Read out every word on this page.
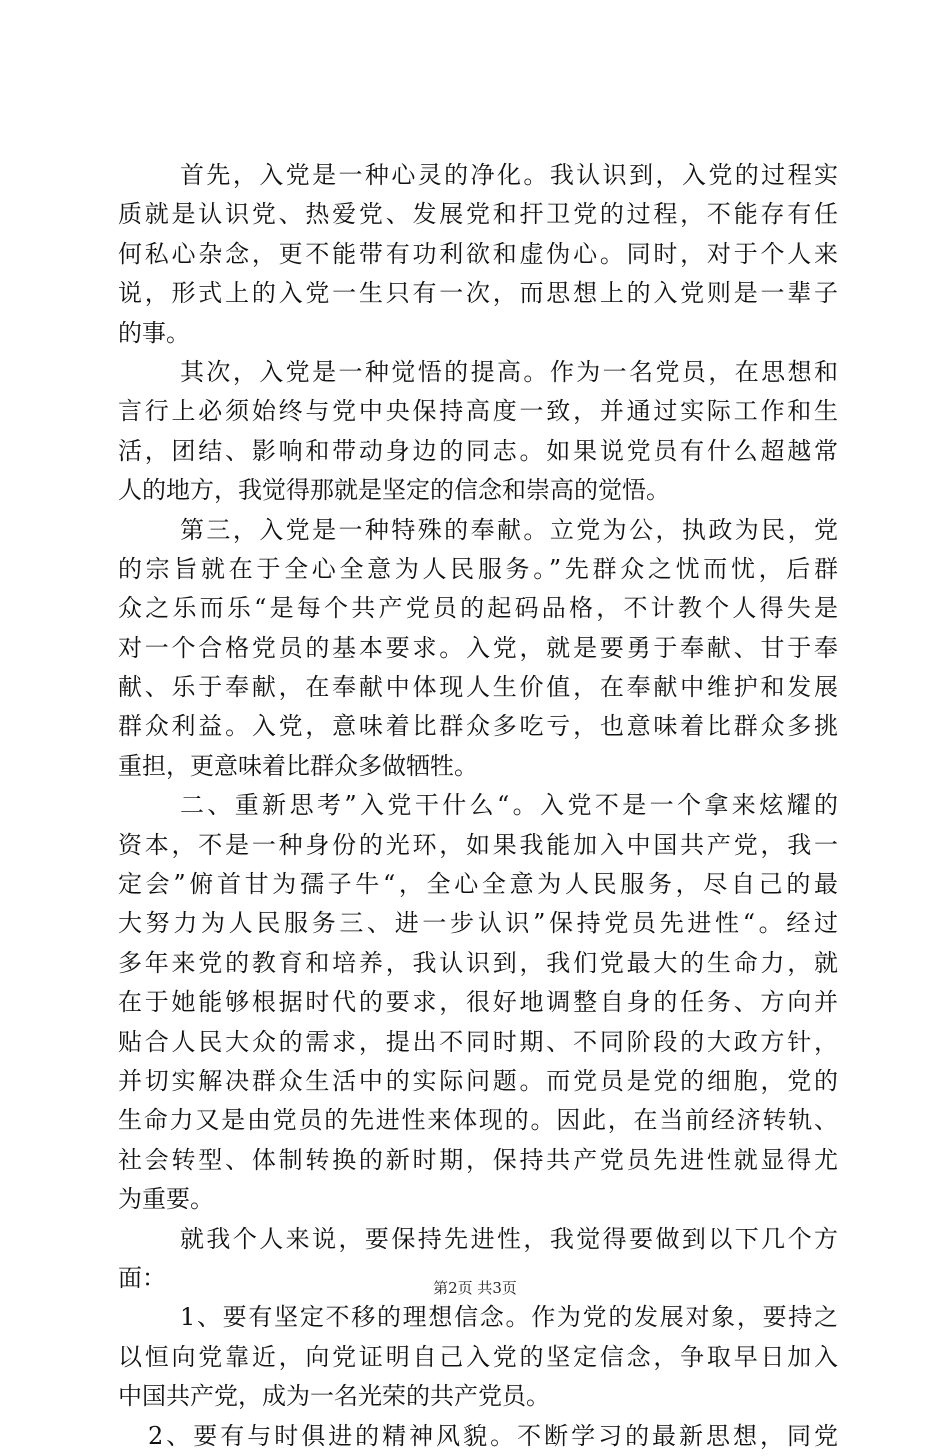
首先，入党是一种心灵的净化。我认识到，入党的过程实
质就是认识党、热爱党、发展党和扞卫党的过程，不能存有任
何私心杂念，更不能带有功利欲和虚伪心。同时，对于个人来
说，形式上的入党一生只有一次，而思想上的入党则是一辈子
的事。
其次，入党是一种觉悟的提高。作为一名党员，在思想和
言行上必须始终与党中央保持高度一致，并通过实际工作和生
活，团结、影响和带动身边的同志。如果说党员有什么超越常
人的地方，我觉得那就是坚定的信念和崇高的觉悟。
第三，入党是一种特殊的奉献。立党为公，执政为民，党
的宗旨就在于全心全意为人民服务。”先群众之忧而忧，后群
众之乐而乐“是每个共产党员的起码品格，不计教个人得失是
对一个合格党员的基本要求。入党，就是要勇于奉献、甘于奉
献、乐于奉献，在奉献中体现人生价值，在奉献中维护和发展
群众利益。入党，意味着比群众多吃亏，也意味着比群众多挑
重担，更意味着比群众多做牺牲。
二、重新思考”入党干什么“。入党不是一个拿来炫耀的
资本，不是一种身份的光环，如果我能加入中国共产党，我一
定会”俯首甘为孺子牛“，全心全意为人民服务，尽自己的最
大努力为人民服务三、进一步认识”保持党员先进性“。经过
多年来党的教育和培养，我认识到，我们党最大的生命力，就
在于她能够根据时代的要求，很好地调整自身的任务、方向并
贴合人民大众的需求，提出不同时期、不同阶段的大政方针，
并切实解决群众生活中的实际问题。而党员是党的细胞，党的
生命力又是由党员的先进性来体现的。因此，在当前经济转轨、
社会转型、体制转换的新时期，保持共产党员先进性就显得尤
为重要。
就我个人来说，要保持先进性，我觉得要做到以下几个方
面：
1、要有坚定不移的理想信念。作为党的发展对象，要持之
以恒向党靠近，向党证明自己入党的坚定信念，争取早日加入
中国共产党，成为一名光荣的共产党员。
2、要有与时俱进的精神风貌。不断学习的最新思想，同党
第2页 共3页
